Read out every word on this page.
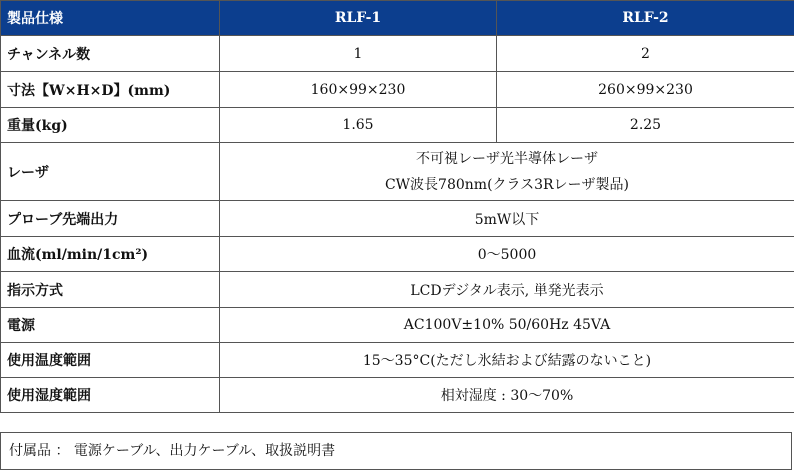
製品仕様	RLF-1	RLF-2
チャンネル数	1	2
寸法【W×H×D】(mm)	160×99×230	260×99×230
重量(kg)	1.65	2.25
レーザ	不可視レーザ光半導体レーザ
CW波長780nm(クラス3Rレーザ製品)	

プローブ先端出力	5mW以下	
血流(ml/min/1cm²)	0〜5000	
指示方式	LCDデジタル表示, 単発光表示	
電源	AC100V±10% 50/60Hz 45VA	
使用温度範囲	15〜35°C(ただし氷結および結露のないこと)	
使用湿度範囲	相対湿度 : 30〜70%	
付属品 ： 電源ケーブル、出力ケーブル、取扱説明書
